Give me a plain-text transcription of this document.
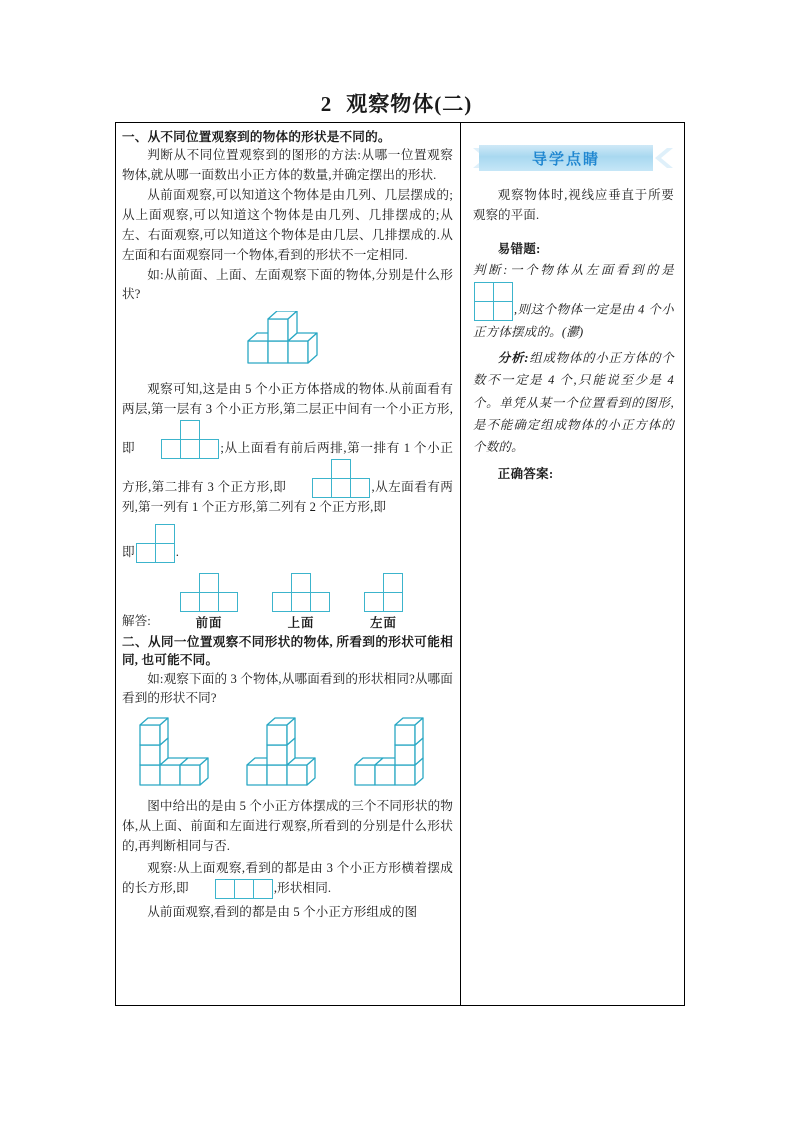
2 观察物体(二)
一、从不同位置观察到的物体的形状是不同的。
判断从不同位置观察到的图形的方法:从哪一位置观察物体,就从哪一面数出小正方体的数量,并确定摆出的形状.
从前面观察,可以知道这个物体是由几列、几层摆成的;从上面观察,可以知道这个物体是由几列、几排摆成的;从左、右面观察,可以知道这个物体是由几层、几排摆成的.从左面和右面观察同一个物体,看到的形状不一定相同.
如:从前面、上面、左面观察下面的物体,分别是什么形状?
观察可知,这是由 5 个小正方体搭成的物体.从前面看有两层,第一层有 3 个小正方形,第二层正中间有一个小正方形,即		
			;从上面看有前后两排,第一排有 1 个小正方形,第二排有 3 个正方形,即		
			,从左面看有两列,第一列有 1 个正方形,第二列有 2 个正方形,即
即	
		.
解答:

			前面

			上面

		左面
二、从同一位置观察不同形状的物体, 所看到的形状可能相同, 也可能不同。
如:观察下面的 3 个物体,从哪面看到的形状相同?从哪面看到的形状不同?
图中给出的是由 5 个小正方体摆成的三个不同形状的物体,从上面、前面和左面进行观察,所看到的分别是什么形状的,再判断相同与否.
观察:从上面观察,看到的都是由 3 个小正方形横着摆成的长方形,即			,形状相同.
从前面观察,看到的都是由 5 个小正方形组成的图
导学点睛
观察物体时,视线应垂直于所要观察的平面.
易错题:
判断:一个物体从左面看到的是	
	,则这个物体一定是由 4 个小正方体摆成的。(灪)
分析:组成物体的小正方体的个数不一定是 4 个,只能说至少是 4 个。单凭从某一个位置看到的图形,是不能确定组成物体的小正方体的个数的。
正确答案:
